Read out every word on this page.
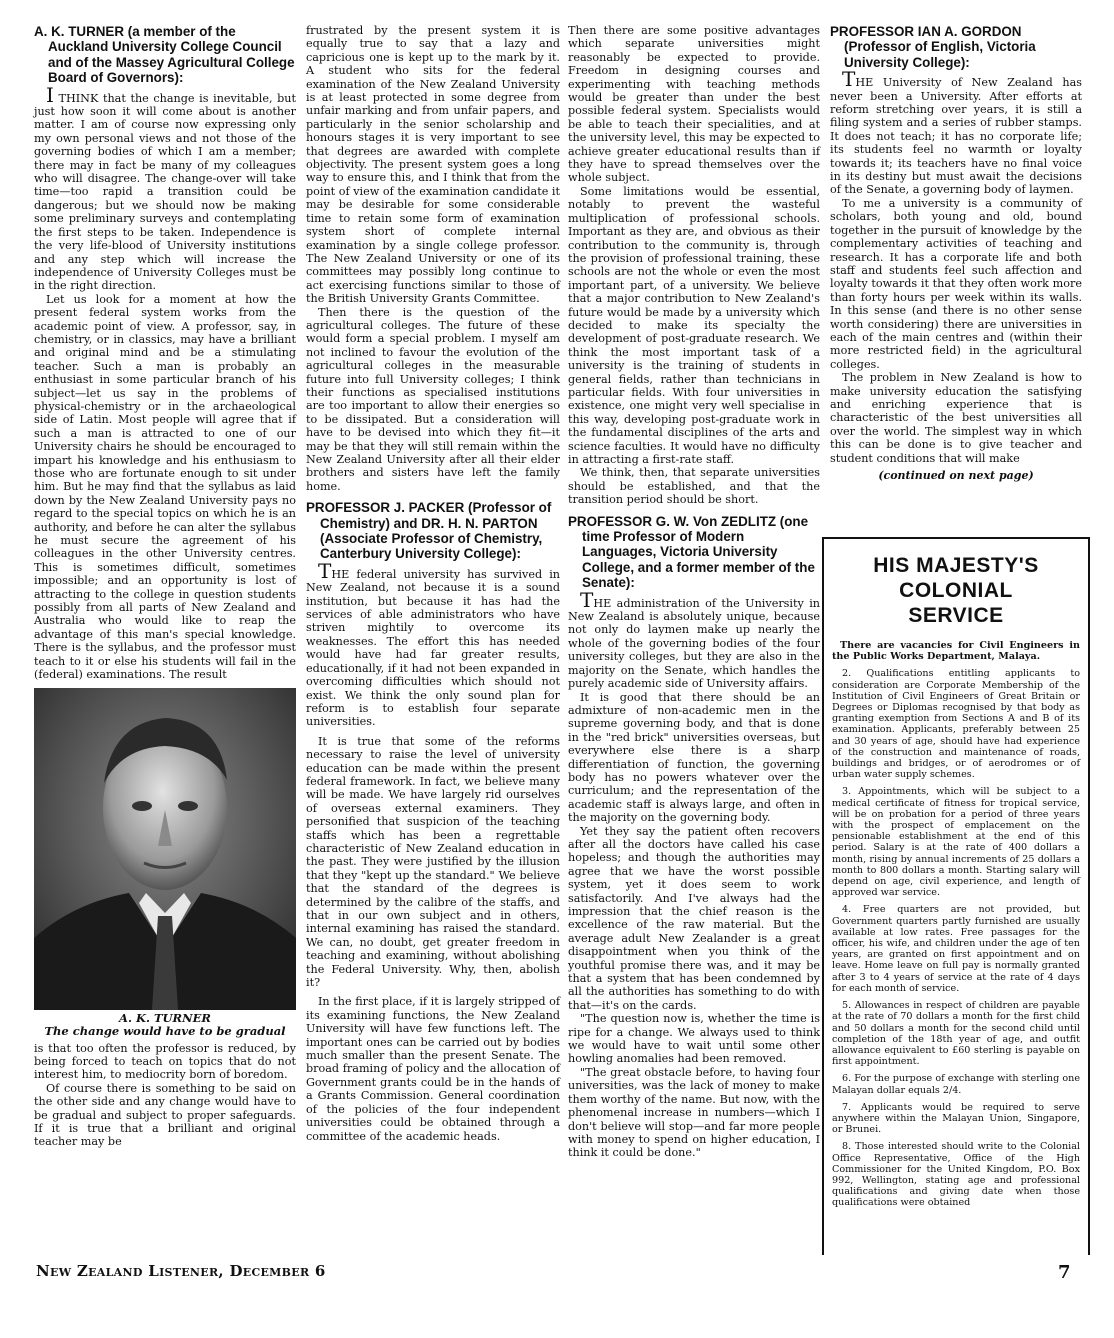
A. K. TURNER (a member of the Auckland University College Council and of the Massey Agricultural College Board of Governors):

I THINK that the change is inevitable, but just how soon it will come about is another matter. I am of course now expressing only my own personal views and not those of the governing bodies of which I am a member; there may in fact be many of my colleagues who will disagree. The change-over will take time—too rapid a transition could be dangerous; but we should now be making some preliminary surveys and contemplating the first steps to be taken. Independence is the very life-blood of University institutions and any step which will increase the independence of University Colleges must be in the right direction.

Let us look for a moment at how the present federal system works from the academic point of view. A professor, say, in chemistry, or in classics, may have a brilliant and original mind and be a stimulating teacher. Such a man is probably an enthusiast in some particular branch of his subject—let us say in the problems of physical-chemistry or in the archaeological side of Latin. Most people will agree that if such a man is attracted to one of our University chairs he should be encouraged to impart his knowledge and his enthusiasm to those who are fortunate enough to sit under him. But he may find that the syllabus as laid down by the New Zealand University pays no regard to the special topics on which he is an authority, and before he can alter the syllabus he must secure the agreement of his colleagues in the other University centres. This is sometimes difficult, sometimes impossible; and an opportunity is lost of attracting to the college in question students possibly from all parts of New Zealand and Australia who would like to reap the advantage of this man's special knowledge. There is the syllabus, and the professor must teach to it or else his students will fail in the (federal) examinations. The result

A. K. TURNER
The change would have to be gradual

is that too often the professor is reduced, by being forced to teach on topics that do not interest him, to mediocrity born of boredom.

Of course there is something to be said on the other side and any change would have to be gradual and subject to proper safeguards. If it is true that a brilliant and original teacher may be

frustrated by the present system it is equally true to say that a lazy and capricious one is kept up to the mark by it. A student who sits for the federal examination of the New Zealand University is at least protected in some degree from unfair marking and from unfair papers, and particularly in the senior scholarship and honours stages it is very important to see that degrees are awarded with complete objectivity. The present system goes a long way to ensure this, and I think that from the point of view of the examination candidate it may be desirable for some considerable time to retain some form of examination system short of complete internal examination by a single college professor. The New Zealand University or one of its committees may possibly long continue to act exercising functions similar to those of the British University Grants Committee.

Then there is the question of the agricultural colleges. The future of these would form a special problem. I myself am not inclined to favour the evolution of the agricultural colleges in the measurable future into full University colleges; I think their functions as specialised institutions are too important to allow their energies so to be dissipated. But a consideration will have to be devised into which they fit—it may be that they will still remain within the New Zealand University after all their elder brothers and sisters have left the family home.

PROFESSOR J. PACKER (Professor of Chemistry) and DR. H. N. PARTON (Associate Professor of Chemistry, Canterbury University College):

THE federal university has survived in New Zealand, not because it is a sound institution, but because it has had the services of able administrators who have striven mightily to overcome its weaknesses. The effort this has needed would have had far greater results, educationally, if it had not been expanded in overcoming difficulties which should not exist. We think the only sound plan for reform is to establish four separate universities.

It is true that some of the reforms necessary to raise the level of university education can be made within the present federal framework. In fact, we believe many will be made. We have largely rid ourselves of overseas external examiners. They personified that suspicion of the teaching staffs which has been a regrettable characteristic of New Zealand education in the past. They were justified by the illusion that they "kept up the standard." We believe that the standard of the degrees is determined by the calibre of the staffs, and that in our own subject and in others, internal examining has raised the standard. We can, no doubt, get greater freedom in teaching and examining, without abolishing the Federal University. Why, then, abolish it?

In the first place, if it is largely stripped of its examining functions, the New Zealand University will have few functions left. The important ones can be carried out by bodies much smaller than the present Senate. The broad framing of policy and the allocation of Government grants could be in the hands of a Grants Commission. General coordination of the policies of the four independent universities could be obtained through a committee of the academic heads.

Then there are some positive advantages which separate universities might reasonably be expected to provide. Freedom in designing courses and experimenting with teaching methods would be greater than under the best possible federal system. Specialists would be able to teach their specialities, and at the university level, this may be expected to achieve greater educational results than if they have to spread themselves over the whole subject.

Some limitations would be essential, notably to prevent the wasteful multiplication of professional schools. Important as they are, and obvious as their contribution to the community is, through the provision of professional training, these schools are not the whole or even the most important part, of a university. We believe that a major contribution to New Zealand's future would be made by a university which decided to make its specialty the development of post-graduate research. We think the most important task of a university is the training of students in general fields, rather than technicians in particular fields. With four universities in existence, one might very well specialise in this way, developing post-graduate work in the fundamental disciplines of the arts and science faculties. It would have no difficulty in attracting a first-rate staff.

We think, then, that separate universities should be established, and that the transition period should be short.

PROFESSOR G. W. Von ZEDLITZ (one time Professor of Modern Languages, Victoria University College, and a former member of the Senate):

THE administration of the University in New Zealand is absolutely unique, because not only do laymen make up nearly the whole of the governing bodies of the four university colleges, but they are also in the majority on the Senate, which handles the purely academic side of University affairs.

It is good that there should be an admixture of non-academic men in the supreme governing body, and that is done in the "red brick" universities overseas, but everywhere else there is a sharp differentiation of function, the governing body has no powers whatever over the curriculum; and the representation of the academic staff is always large, and often in the majority on the governing body.

Yet they say the patient often recovers after all the doctors have called his case hopeless; and though the authorities may agree that we have the worst possible system, yet it does seem to work satisfactorily. And I've always had the impression that the chief reason is the excellence of the raw material. But the average adult New Zealander is a great disappointment when you think of the youthful promise there was, and it may be that a system that has been condemned by all the authorities has something to do with that—it's on the cards.

"The question now is, whether the time is ripe for a change. We always used to think we would have to wait until some other howling anomalies had been removed.

"The great obstacle before, to having four universities, was the lack of money to make them worthy of the name. But now, with the phenomenal increase in numbers—which I don't believe will stop—and far more people with money to spend on higher education, I think it could be done."

PROFESSOR IAN A. GORDON (Professor of English, Victoria University College):

THE University of New Zealand has never been a University. After efforts at reform stretching over years, it is still a filing system and a series of rubber stamps. It does not teach; it has no corporate life; its students feel no warmth or loyalty towards it; its teachers have no final voice in its destiny but must await the decisions of the Senate, a governing body of laymen.

To me a university is a community of scholars, both young and old, bound together in the pursuit of knowledge by the complementary activities of teaching and research. It has a corporate life and both staff and students feel such affection and loyalty towards it that they often work more than forty hours per week within its walls. In this sense (and there is no other sense worth considering) there are universities in each of the main centres and (within their more restricted field) in the agricultural colleges.

The problem in New Zealand is how to make university education the satisfying and enriching experience that is characteristic of the best universities all over the world. The simplest way in which this can be done is to give teacher and student conditions that will make

(continued on next page)
HIS MAJESTY'S COLONIAL
SERVICE

There are vacancies for Civil Engineers in the Public Works Department, Malaya.

2. Qualifications entitling applicants to consideration are Corporate Membership of the Institution of Civil Engineers of Great Britain or Degrees or Diplomas recognised by that body as granting exemption from Sections A and B of its examination. Applicants, preferably between 25 and 30 years of age, should have had experience of the construction and maintenance of roads, buildings and bridges, or of aerodromes or of urban water supply schemes.

3. Appointments, which will be subject to a medical certificate of fitness for tropical service, will be on probation for a period of three years with the prospect of emplacement on the pensionable establishment at the end of this period. Salary is at the rate of 400 dollars a month, rising by annual increments of 25 dollars a month to 800 dollars a month. Starting salary will depend on age, civil experience, and length of approved war service.

4. Free quarters are not provided, but Government quarters partly furnished are usually available at low rates. Free passages for the officer, his wife, and children under the age of ten years, are granted on first appointment and on leave. Home leave on full pay is normally granted after 3 to 4 years of service at the rate of 4 days for each month of service.

5. Allowances in respect of children are payable at the rate of 70 dollars a month for the first child and 50 dollars a month for the second child until completion of the 18th year of age, and outfit allowance equivalent to £60 sterling is payable on first appointment.

6. For the purpose of exchange with sterling one Malayan dollar equals 2/4.

7. Applicants would be required to serve anywhere within the Malayan Union, Singapore, or Brunei.

8. Those interested should write to the Colonial Office Representative, Office of the High Commissioner for the United Kingdom, P.O. Box 992, Wellington, stating age and professional qualifications and giving date when those qualifications were obtained

New Zealand Listener, December 6	7
